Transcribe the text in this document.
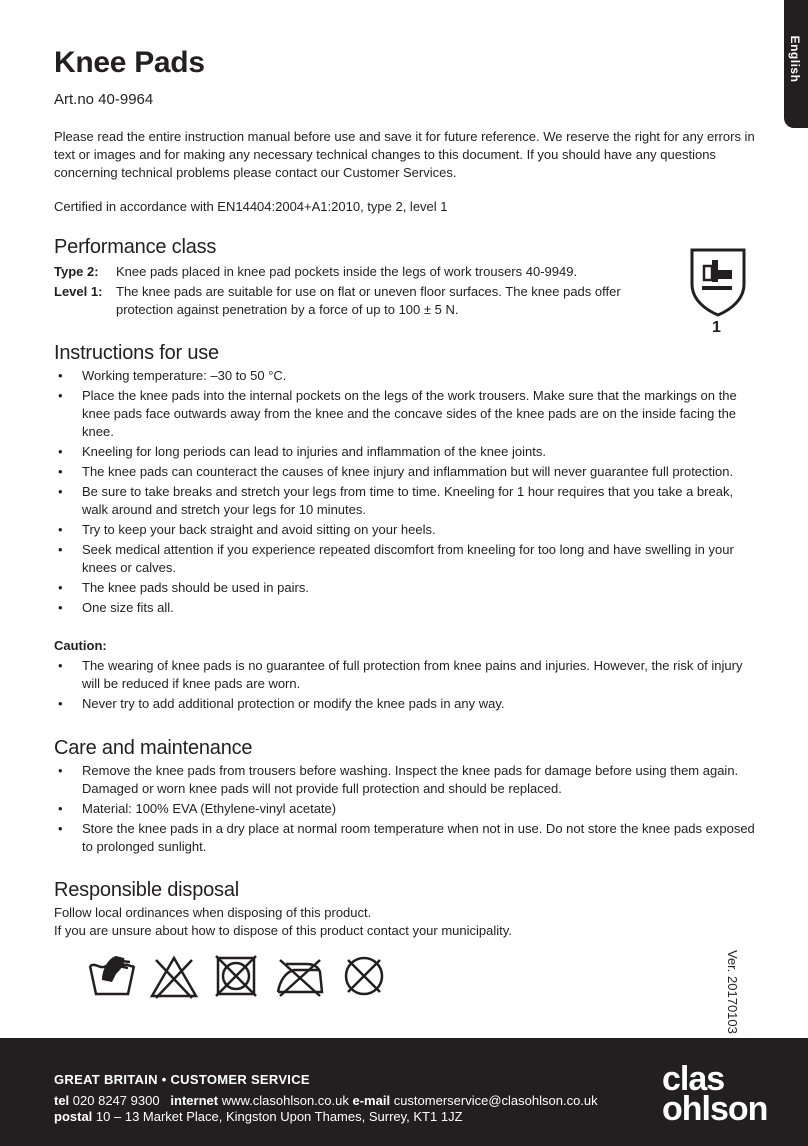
English
Knee Pads
Art.no 40-9964

Please read the entire instruction manual before use and save it for future reference. We reserve the right for any errors in text or images and for making any necessary technical changes to this document. If you should have any questions concerning technical problems please contact our Customer Services.

Certified in accordance with EN14404:2004+A1:2010, type 2, level 1

Performance class
Type 2:	Knee pads placed in knee pad pockets inside the legs of work trousers 40-9949.
Level 1:	The knee pads are suitable for use on flat or uneven floor surfaces. The knee pads offer protection against penetration by a force of up to 100 ± 5 N.
1
Instructions for use
• Working temperature: –30 to 50 °C.
• Place the knee pads into the internal pockets on the legs of the work trousers. Make sure that the markings on the knee pads face outwards away from the knee and the concave sides of the knee pads are on the inside facing the knee.
• Kneeling for long periods can lead to injuries and inflammation of the knee joints.
• The knee pads can counteract the causes of knee injury and inflammation but will never guarantee full protection.
• Be sure to take breaks and stretch your legs from time to time. Kneeling for 1 hour requires that you take a break, walk around and stretch your legs for 10 minutes.
• Try to keep your back straight and avoid sitting on your heels.
• Seek medical attention if you experience repeated discomfort from kneeling for too long and have swelling in your knees or calves.
• The knee pads should be used in pairs.
• One size fits all.
Caution:
• The wearing of knee pads is no guarantee of full protection from knee pains and injuries. However, the risk of injury will be reduced if knee pads are worn.
• Never try to add additional protection or modify the knee pads in any way.
Care and maintenance
• Remove the knee pads from trousers before washing. Inspect the knee pads for damage before using them again. Damaged or worn knee pads will not provide full protection and should be replaced.
• Material: 100% EVA (Ethylene-vinyl acetate)
• Store the knee pads in a dry place at normal room temperature when not in use. Do not store the knee pads exposed to prolonged sunlight.
Responsible disposal
Follow local ordinances when disposing of this product.
If you are unsure about how to dispose of this product contact your municipality.
Ver. 20170103
GREAT BRITAIN • CUSTOMER SERVICE
tel 020 8247 9300 internet www.clasohlson.co.uk e-mail customerservice@clasohlson.co.uk
postal 10 – 13 Market Place, Kingston Upon Thames, Surrey, KT1 1JZ
clas
ohlson
